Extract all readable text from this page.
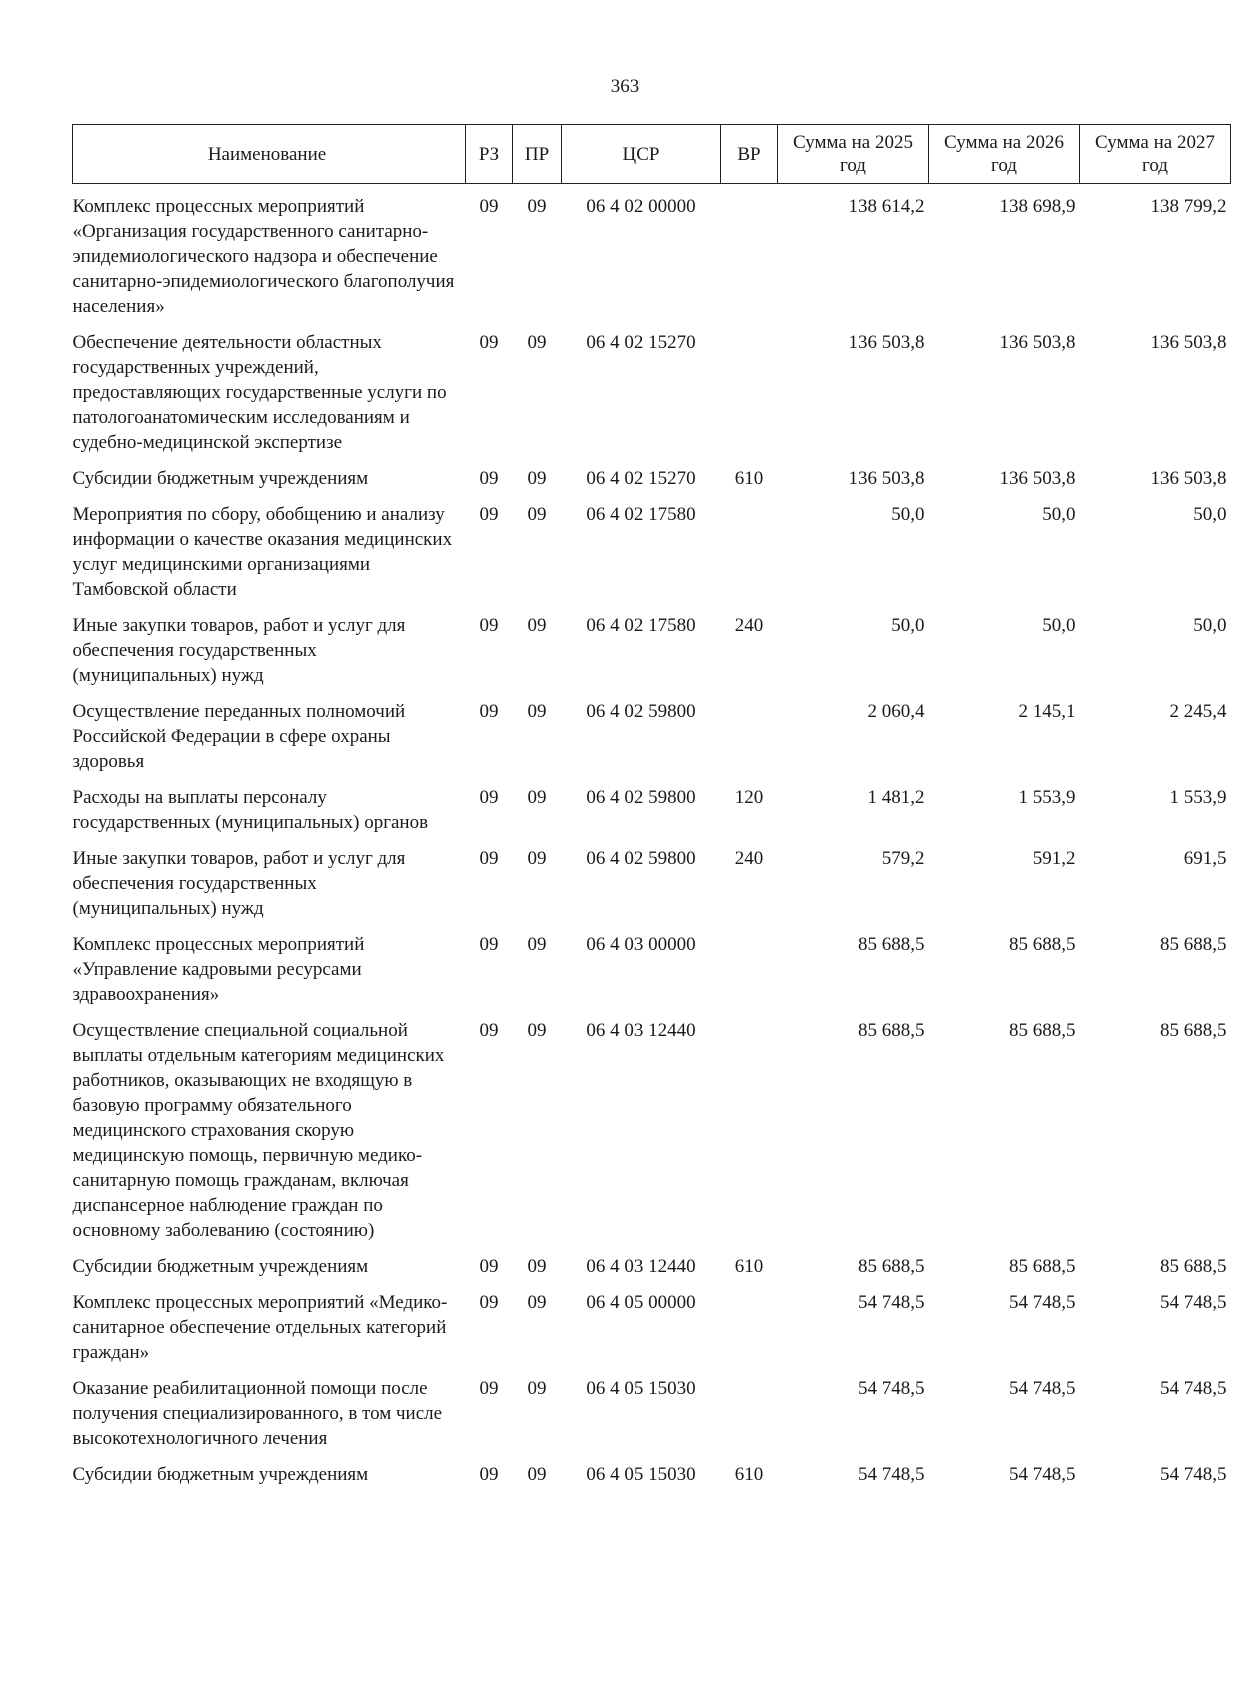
363
Наименование	РЗ	ПР	ЦСР	ВР	Сумма на 2025 год	Сумма на 2026 год	Сумма на 2027 год
Комплекс процессных мероприятий «Организация государственного санитарно-эпидемиологического надзора и обеспечение санитарно-эпидемиологического благополучия населения»	09	09	06 4 02 00000		138 614,2	138 698,9	138 799,2
Обеспечение деятельности областных государственных учреждений, предоставляющих государственные услуги по патологоанатомическим исследованиям и судебно-медицинской экспертизе	09	09	06 4 02 15270		136 503,8	136 503,8	136 503,8
Субсидии бюджетным учреждениям	09	09	06 4 02 15270	610	136 503,8	136 503,8	136 503,8
Мероприятия по сбору, обобщению и анализу информации о качестве оказания медицинских услуг медицинскими организациями Тамбовской области	09	09	06 4 02 17580		50,0	50,0	50,0
Иные закупки товаров, работ и услуг для обеспечения государственных (муниципальных) нужд	09	09	06 4 02 17580	240	50,0	50,0	50,0
Осуществление переданных полномочий Российской Федерации в сфере охраны здоровья	09	09	06 4 02 59800		2 060,4	2 145,1	2 245,4
Расходы на выплаты персоналу государственных (муниципальных) органов	09	09	06 4 02 59800	120	1 481,2	1 553,9	1 553,9
Иные закупки товаров, работ и услуг для обеспечения государственных (муниципальных) нужд	09	09	06 4 02 59800	240	579,2	591,2	691,5
Комплекс процессных мероприятий «Управление кадровыми ресурсами здравоохранения»	09	09	06 4 03 00000		85 688,5	85 688,5	85 688,5
Осуществление специальной социальной выплаты отдельным категориям медицинских работников, оказывающих не входящую в базовую программу обязательного медицинского страхования скорую медицинскую помощь, первичную медико-санитарную помощь гражданам, включая диспансерное наблюдение граждан по основному заболеванию (состоянию)	09	09	06 4 03 12440		85 688,5	85 688,5	85 688,5
Субсидии бюджетным учреждениям	09	09	06 4 03 12440	610	85 688,5	85 688,5	85 688,5
Комплекс процессных мероприятий «Медико-санитарное обеспечение отдельных категорий граждан»	09	09	06 4 05 00000		54 748,5	54 748,5	54 748,5
Оказание реабилитационной помощи после получения специализированного, в том числе высокотехнологичного лечения	09	09	06 4 05 15030		54 748,5	54 748,5	54 748,5
Субсидии бюджетным учреждениям	09	09	06 4 05 15030	610	54 748,5	54 748,5	54 748,5
